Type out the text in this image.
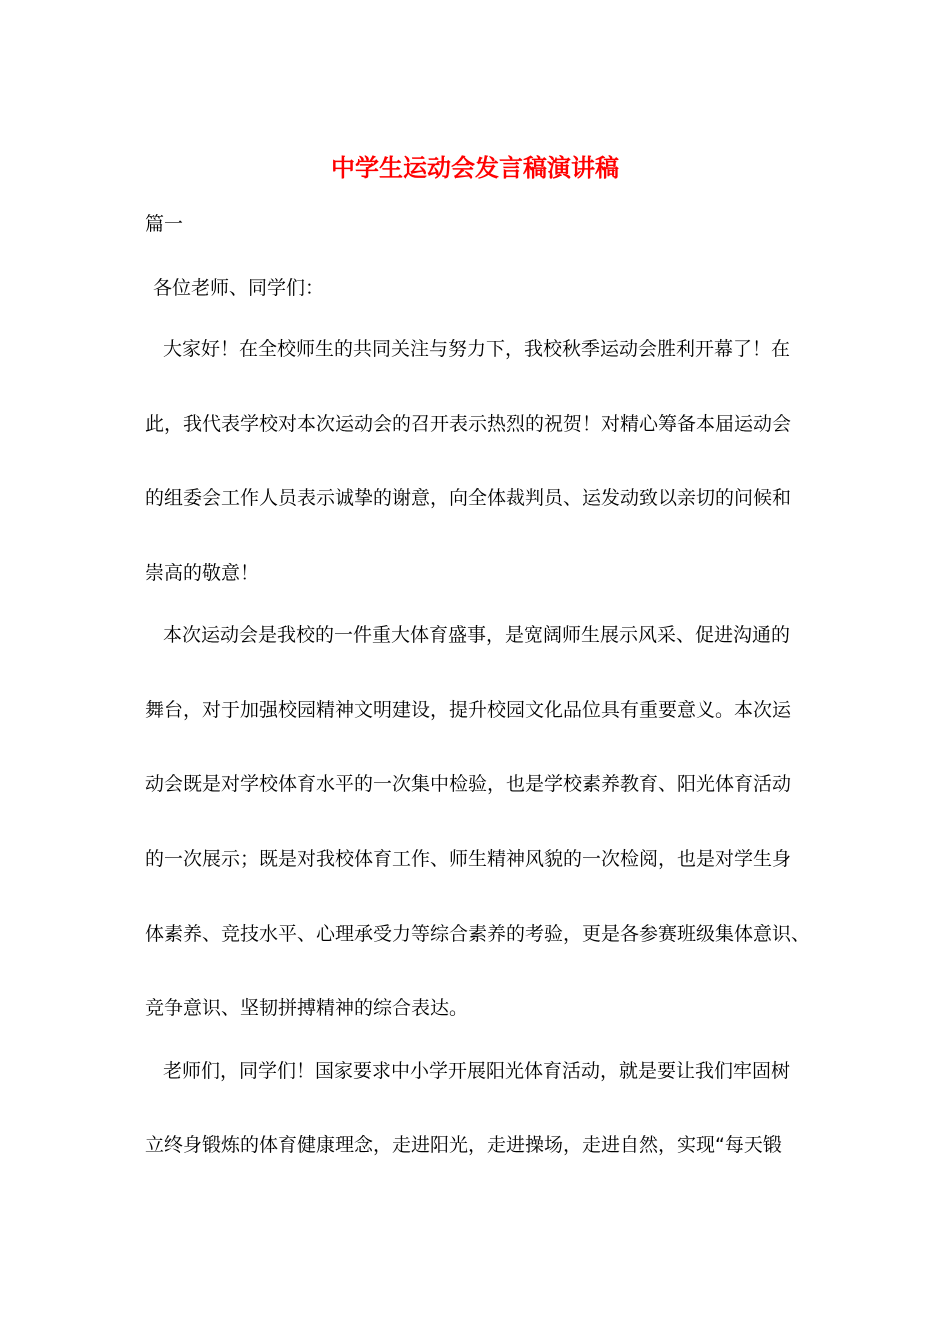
中学生运动会发言稿演讲稿

篇一

各位老师、同学们：

大家好！在全校师生的共同关注与努力下，我校秋季运动会胜利开幕了！在

此，我代表学校对本次运动会的召开表示热烈的祝贺！对精心筹备本届运动会

的组委会工作人员表示诚挚的谢意，向全体裁判员、运发动致以亲切的问候和

崇高的敬意！

本次运动会是我校的一件重大体育盛事，是宽阔师生展示风采、促进沟通的

舞台，对于加强校园精神文明建设，提升校园文化品位具有重要意义。本次运

动会既是对学校体育水平的一次集中检验，也是学校素养教育、阳光体育活动

的一次展示；既是对我校体育工作、师生精神风貌的一次检阅，也是对学生身

体素养、竞技水平、心理承受力等综合素养的考验，更是各参赛班级集体意识、

竞争意识、坚韧拼搏精神的综合表达。

老师们，同学们！国家要求中小学开展阳光体育活动，就是要让我们牢固树

立终身锻炼的体育健康理念，走进阳光，走进操场，走进自然，实现“每天锻
